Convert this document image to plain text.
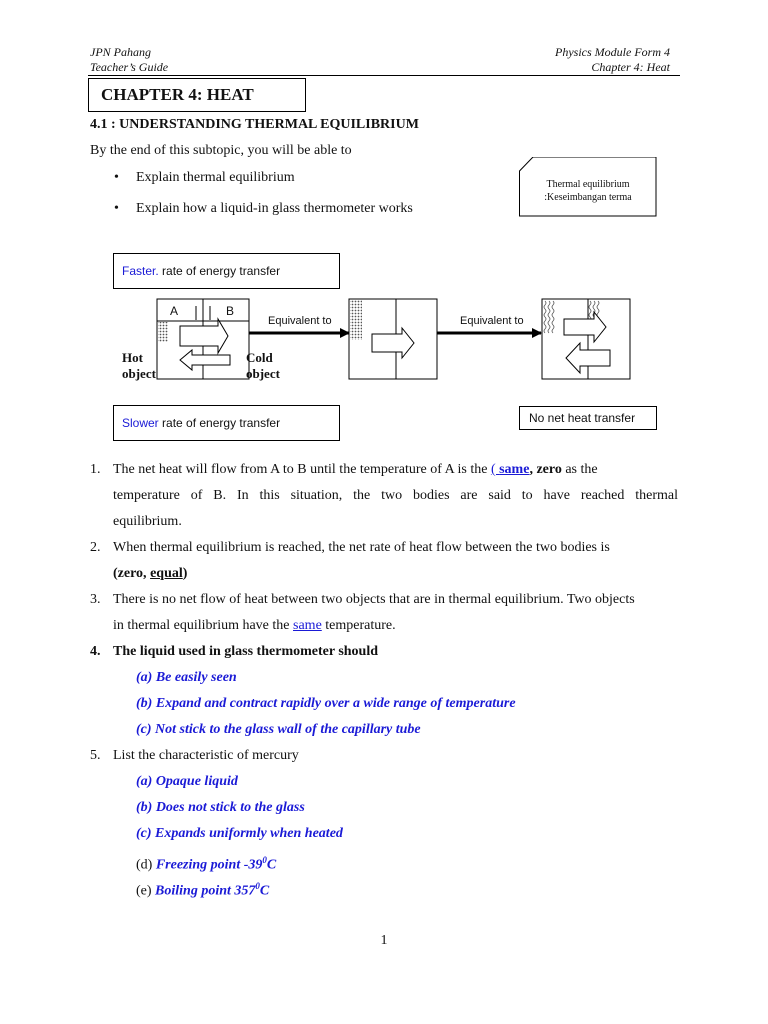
JPN Pahang
Teacher’s Guide
Physics Module Form 4
Chapter 4: Heat
CHAPTER 4: HEAT
4.1 : UNDERSTANDING THERMAL EQUILIBRIUM
By the end of this subtopic, you will be able to
• Explain thermal equilibrium
• Explain how a liquid-in glass thermometer works
Thermal equilibrium
:Keseimbangan terma
Faster. rate of energy transfer
A	B
Equivalent to	Equivalent to
Hot
object
Cold
object
Slower rate of energy transfer	No net heat transfer
1. The net heat will flow from A to B until the temperature of A is the ( same, zero as the
temperature of B. In this situation, the two bodies are said to have reached thermal
equilibrium.
2. When thermal equilibrium is reached, the net rate of heat flow between the two bodies is
(zero, equal)
3. There is no net flow of heat between two objects that are in thermal equilibrium. Two objects
in thermal equilibrium have the same temperature.
4. The liquid used in glass thermometer should
(a) Be easily seen
(b) Expand and contract rapidly over a wide range of temperature
(c) Not stick to the glass wall of the capillary tube
5. List the characteristic of mercury
(a) Opaque liquid
(b) Does not stick to the glass
(c) Expands uniformly when heated
(d) Freezing point $-39^0C$
(e) Boiling point $357^0C$
1
